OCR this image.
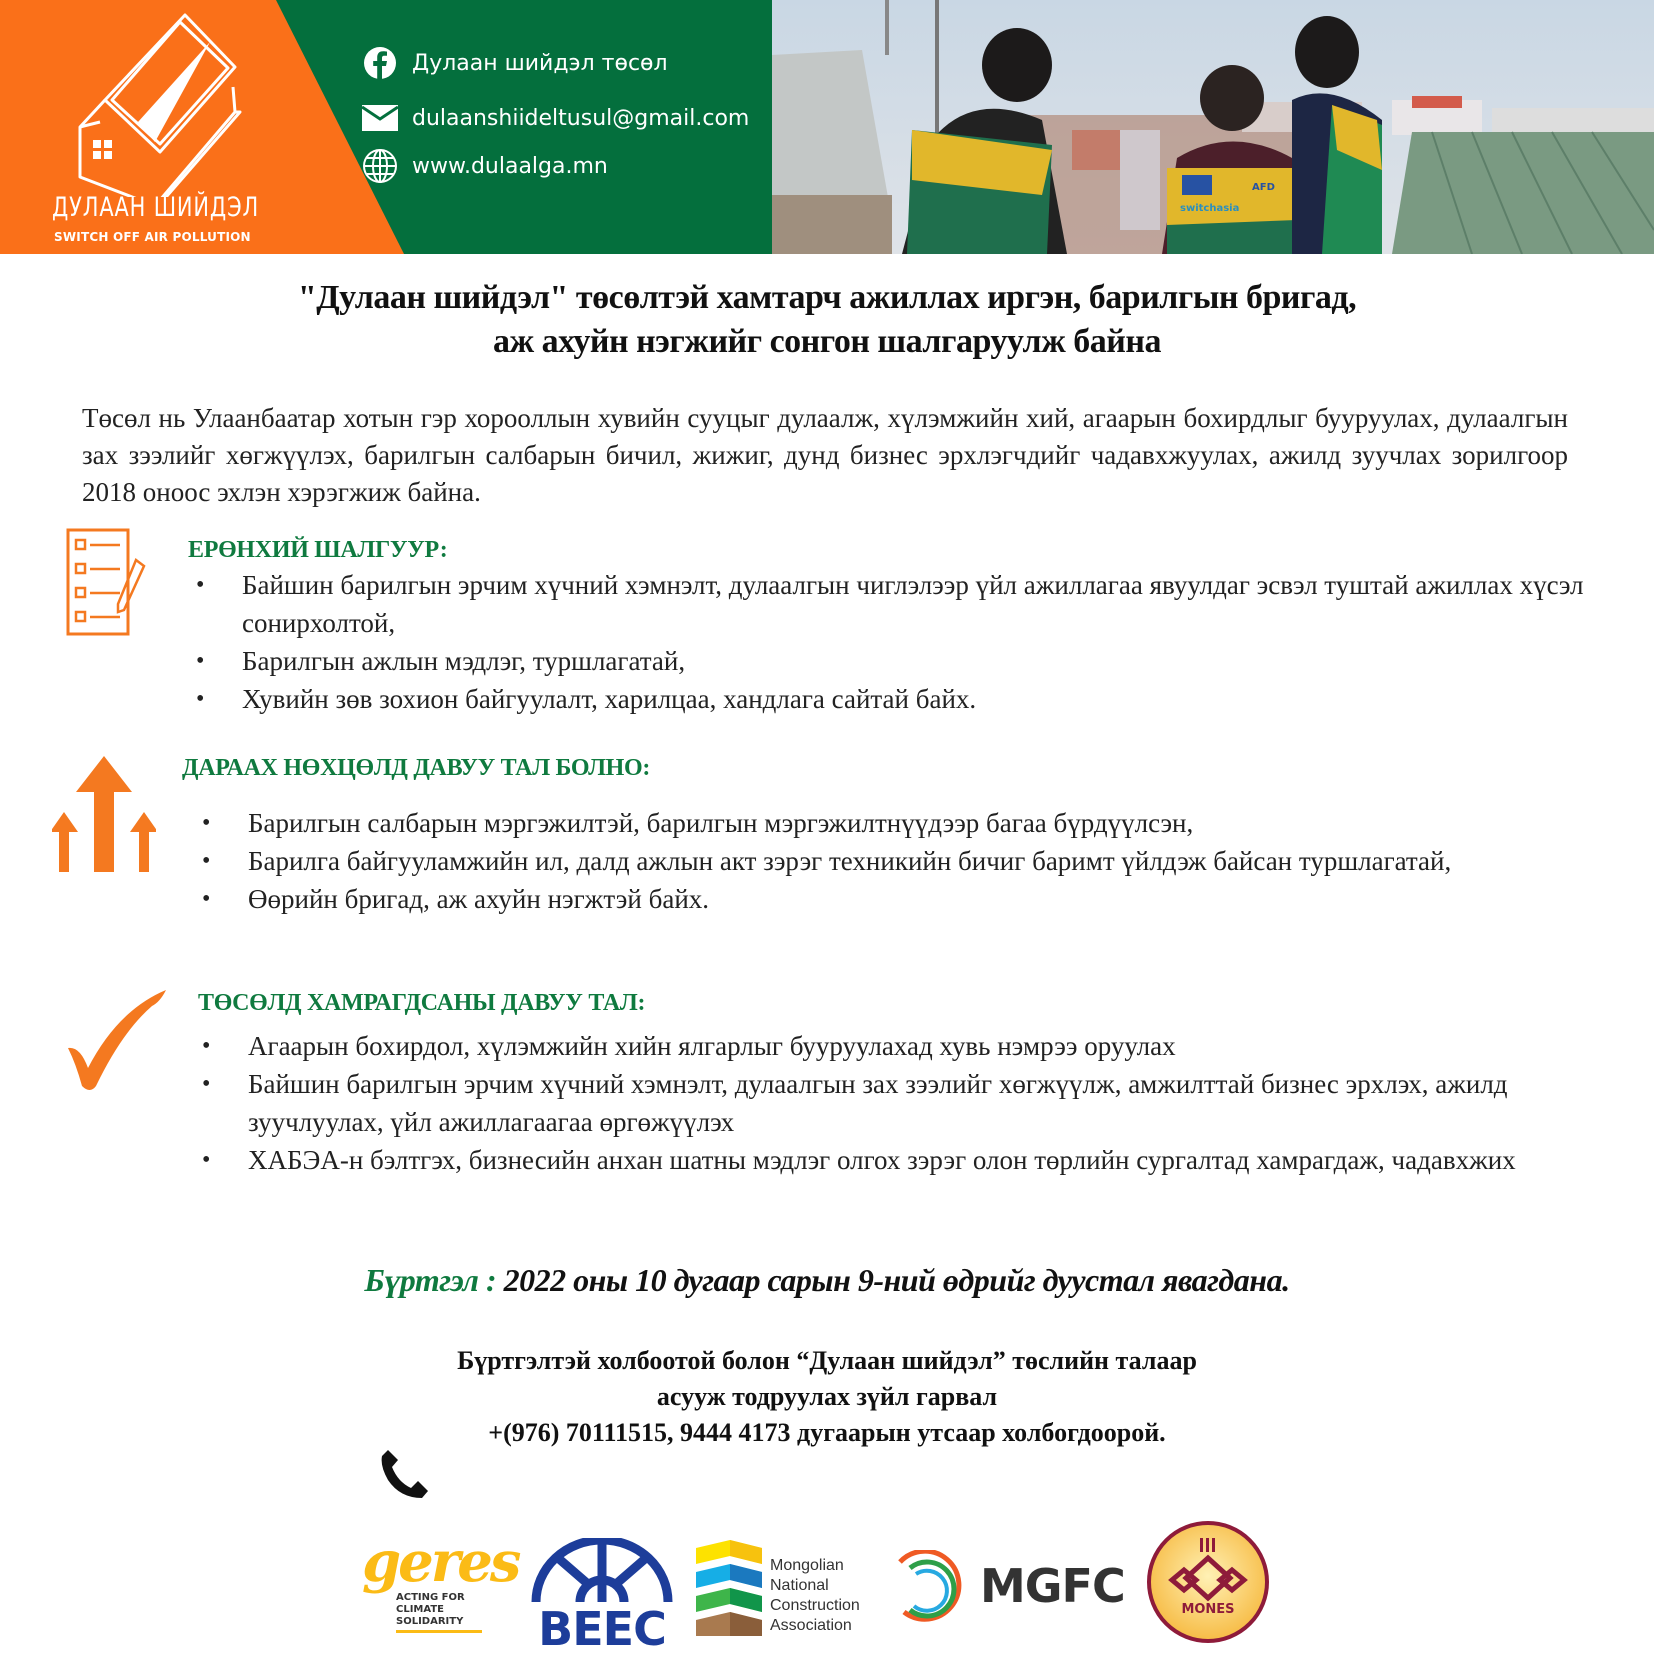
ДУЛААН ШИЙДЭЛ
SWITCH OFF AIR POLLUTION
Дулаан шийдэл төсөл
dulaanshiideltusul@gmail.com
www.dulaalga.mn
AFD
switchasia
"Дулаан шийдэл" төсөлтэй хамтарч ажиллах иргэн, барилгын бригад,
аж ахуйн нэгжийг сонгон шалгаруулж байна

Төсөл нь Улаанбаатар хотын гэр хорооллын хувийн сууцыг дулаалж, хүлэмжийн хий, агаарын бохирдлыг бууруулах, дулаалгын зах зээлийг хөгжүүлэх, барилгын салбарын бичил, жижиг, дунд бизнес эрхлэгчдийг чадавхжуулах, ажилд зуучлах зорилгоор 2018 оноос эхлэн хэрэгжиж байна.

ЕРӨНХИЙ ШАЛГУУР:
• Байшин барилгын эрчим хүчний хэмнэлт, дулаалгын чиглэлээр үйл ажиллагаа явуулдаг эсвэл туштай ажиллах хүсэл сонирхолтой,
• Барилгын ажлын мэдлэг, туршлагатай,
• Хувийн зөв зохион байгуулалт, харилцаа, хандлага сайтай байх.
ДАРААХ НӨХЦӨЛД ДАВУУ ТАЛ БОЛНО:
• Барилгын салбарын мэргэжилтэй, барилгын мэргэжилтнүүдээр багаа бүрдүүлсэн,
• Барилга байгууламжийн ил, далд ажлын акт зэрэг техникийн бичиг баримт үйлдэж байсан туршлагатай,
• Өөрийн бригад, аж ахуйн нэгжтэй байх.
ТӨСӨЛД ХАМРАГДСАНЫ ДАВУУ ТАЛ:
• Агаарын бохирдол, хүлэмжийн хийн ялгарлыг бууруулахад хувь нэмрээ оруулах
• Байшин барилгын эрчим хүчний хэмнэлт, дулаалгын зах зээлийг хөгжүүлж, амжилттай бизнес эрхлэх, ажилд зуучлуулах, үйл ажиллагаагаа өргөжүүлэх
• ХАБЭА-н бэлтгэх, бизнесийн анхан шатны мэдлэг олгох зэрэг олон төрлийн сургалтад хамрагдаж, чадавхжих
Бүртгэл : 2022 оны 10 дугаар сарын 9-ний өдрийг дуустал явагдана.
Бүртгэлтэй холбоотой болон “Дулаан шийдэл” төслийн талаар
асууж тодруулах зүйл гарвал
+(976) 70111515, 9444 4173 дугаарын утсаар холбогдоорой.
geres
ACTING FOR
CLIMATE
SOLIDARITY	BEEC
Mongolian
National
Construction
Association
MGFC	MONES
